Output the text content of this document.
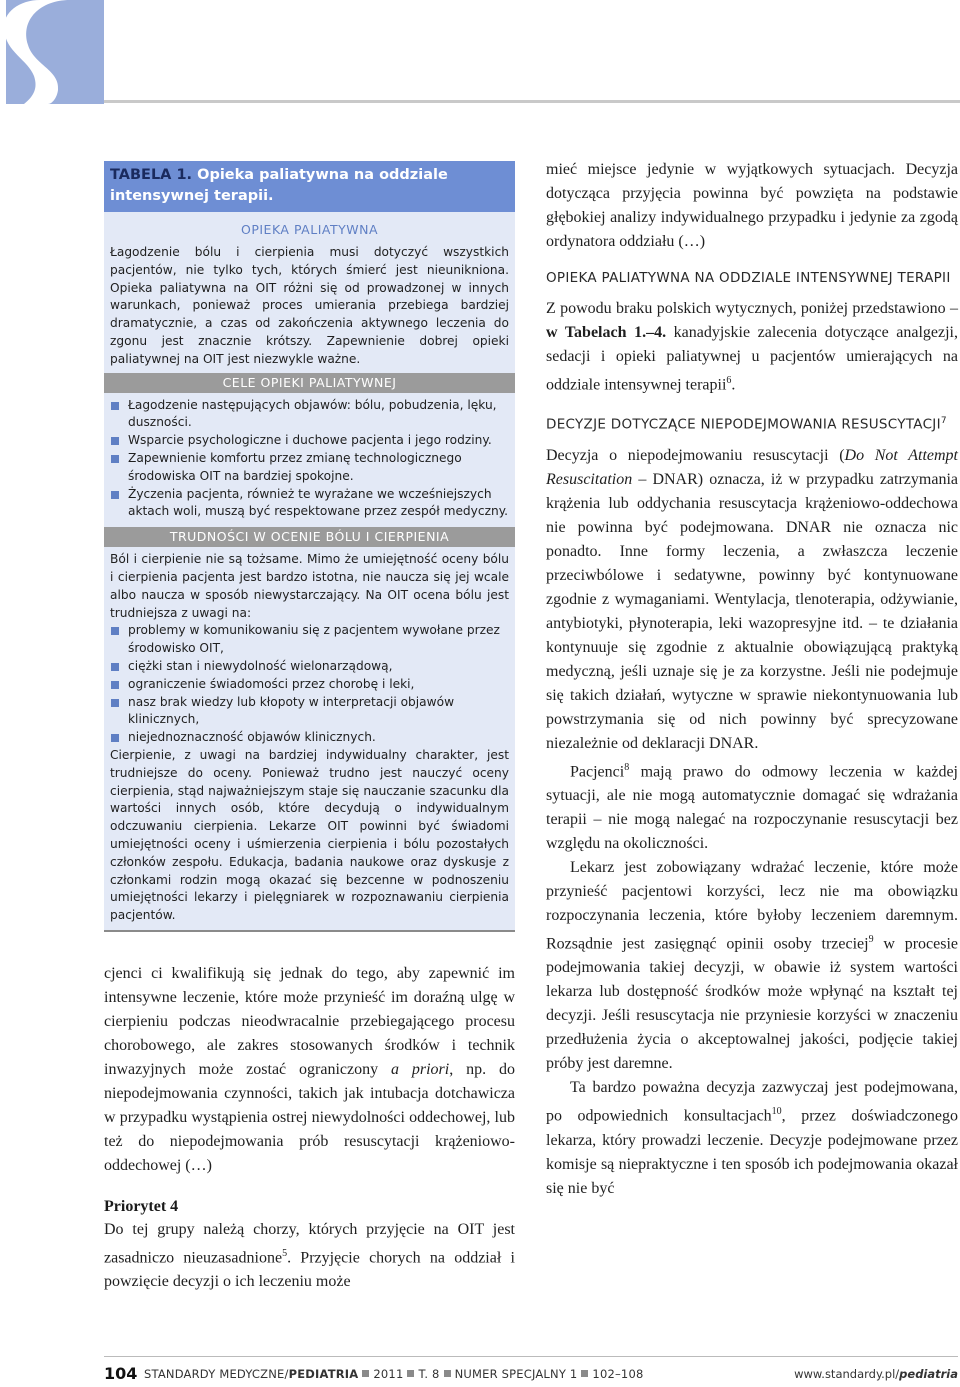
TABELA 1. Opieka paliatywna na oddziale intensywnej terapii.
OPIEKA PALIATYWNA
Łagodzenie bólu i cierpienia musi dotyczyć wszystkich pacjentów, nie tylko tych, których śmierć jest nieunikniona. Opieka paliatywna na OIT różni się od prowadzonej w innych warunkach, ponieważ proces umierania przebiega bardziej dramatycznie, a czas od zakończenia aktywnego leczenia do zgonu jest znacznie krótszy. Zapewnienie dobrej opieki paliatywnej na OIT jest niezwykle ważne.
CELE OPIEKI PALIATYWNEJ
Łagodzenie następujących objawów: bólu, pobudzenia, lęku, duszności.
Wsparcie psychologiczne i duchowe pacjenta i jego rodziny.
Zapewnienie komfortu przez zmianę technologicznego środowiska OIT na bardziej spokojne.
Życzenia pacjenta, również te wyrażane we wcześniejszych aktach woli, muszą być respektowane przez zespół medyczny.
TRUDNOŚCI W OCENIE BÓLU I CIERPIENIA
Ból i cierpienie nie są tożsame. Mimo że umiejętność oceny bólu i cierpienia pacjenta jest bardzo istotna, nie naucza się jej wcale albo naucza w sposób niewystarczający. Na OIT ocena bólu jest trudniejsza z uwagi na:
problemy w komunikowaniu się z pacjentem wywołane przez środowisko OIT,
ciężki stan i niewydolność wielonarządową,
ograniczenie świadomości przez chorobę i leki,
nasz brak wiedzy lub kłopoty w interpretacji objawów klinicznych,
niejednoznaczność objawów klinicznych.
Cierpienie, z uwagi na bardziej indywidualny charakter, jest trudniejsze do oceny. Ponieważ trudno jest nauczyć oceny cierpienia, stąd najważniejszym staje się nauczanie szacunku dla wartości innych osób, które decydują o indywidualnym odczuwaniu cierpienia. Lekarze OIT powinni być świadomi umiejętności oceny i uśmierzenia cierpienia i bólu pozostałych członków zespołu. Edukacja, badania naukowe oraz dyskusje z członkami rodzin mogą okazać się bezcenne w podnoszeniu umiejętności lekarzy i pielęgniarek w rozpoznawaniu cierpienia pacjentów.

cjenci ci kwalifikują się jednak do tego, aby zapewnić im intensywne leczenie, które może przynieść im doraźną ulgę w cierpieniu podczas nieodwracalnie przebiegającego procesu chorobowego, ale zakres stosowanych środków i technik inwazyjnych może zostać ograniczony a priori, np. do niepodejmowania czynności, takich jak intubacja dotchawicza w przypadku wystąpienia ostrej niewydolności oddechowej, lub też do niepodejmowania prób resuscytacji krążeniowo-oddechowej (…)

Priorytet 4

Do tej grupy należą chorzy, których przyjęcie na OIT jest zasadniczo nieuzasadnione$^5$. Przyjęcie chorych na oddział i powzięcie decyzji o ich leczeniu może

mieć miejsce jedynie w wyjątkowych sytuacjach. Decyzja dotycząca przyjęcia powinna być powzięta na podstawie głębokiej analizy indywidualnego przypadku i jedynie za zgodą ordynatora oddziału (…)

OPIEKA PALIATYWNA NA ODDZIALE INTENSYWNEJ TERAPII

Z powodu braku polskich wytycznych, poniżej przedstawiono – w Tabelach 1.–4. kanadyjskie zalecenia dotyczące analgezji, sedacji i opieki paliatywnej u pacjentów umierających na oddziale intensywnej terapii$^6$.

DECYZJE DOTYCZĄCE NIEPODEJMOWANIA RESUSCYTACJI$^7$

Decyzja o niepodejmowaniu resuscytacji (Do Not Attempt Resuscitation – DNAR) oznacza, iż w przypadku zatrzymania krążenia lub oddychania resuscytacja krążeniowo-oddechowa nie powinna być podejmowana. DNAR nie oznacza nic ponadto. Inne formy leczenia, a zwłaszcza leczenie przeciwbólowe i sedatywne, powinny być kontynuowane zgodnie z wymaganiami. Wentylacja, tlenoterapia, odżywianie, antybiotyki, płynoterapia, leki wazopresyjne itd. – te działania kontynuuje się zgodnie z aktualnie obowiązującą praktyką medyczną, jeśli uznaje się je za korzystne. Jeśli nie podejmuje się takich działań, wytyczne w sprawie niekontynuowania lub powstrzymania się od nich powinny być sprecyzowane niezależnie od deklaracji DNAR.

Pacjenci$^8$ mają prawo do odmowy leczenia w każdej sytuacji, ale nie mogą automatycznie domagać się wdrażania terapii – nie mogą nalegać na rozpoczynanie resuscytacji bez względu na okoliczności.

Lekarz jest zobowiązany wdrażać leczenie, które może przynieść pacjentowi korzyści, lecz nie ma obowiązku rozpoczynania leczenia, które byłoby leczeniem daremnym. Rozsądnie jest zasięgnąć opinii osoby trzeciej$^9$ w procesie podejmowania takiej decyzji, w obawie iż system wartości lekarza lub dostępność środków może wpłynąć na kształt tej decyzji. Jeśli resuscytacja nie przyniesie korzyści w znaczeniu przedłużenia życia o akceptowalnej jakości, podjęcie takiej próby jest daremne.

Ta bardzo poważna decyzja zazwyczaj jest podejmowana, po odpowiednich konsultacjach$^{10}$, przez doświadczonego lekarza, który prowadzi leczenie. Decyzje podejmowane przez komisje są niepraktyczne i ten sposób ich podejmowania okazał się nie być

104 STANDARDY MEDYCZNE/PEDIATRIA 2011 T. 8 NUMER SPECJALNY 1 102–108	www.standardy.pl/pediatria
